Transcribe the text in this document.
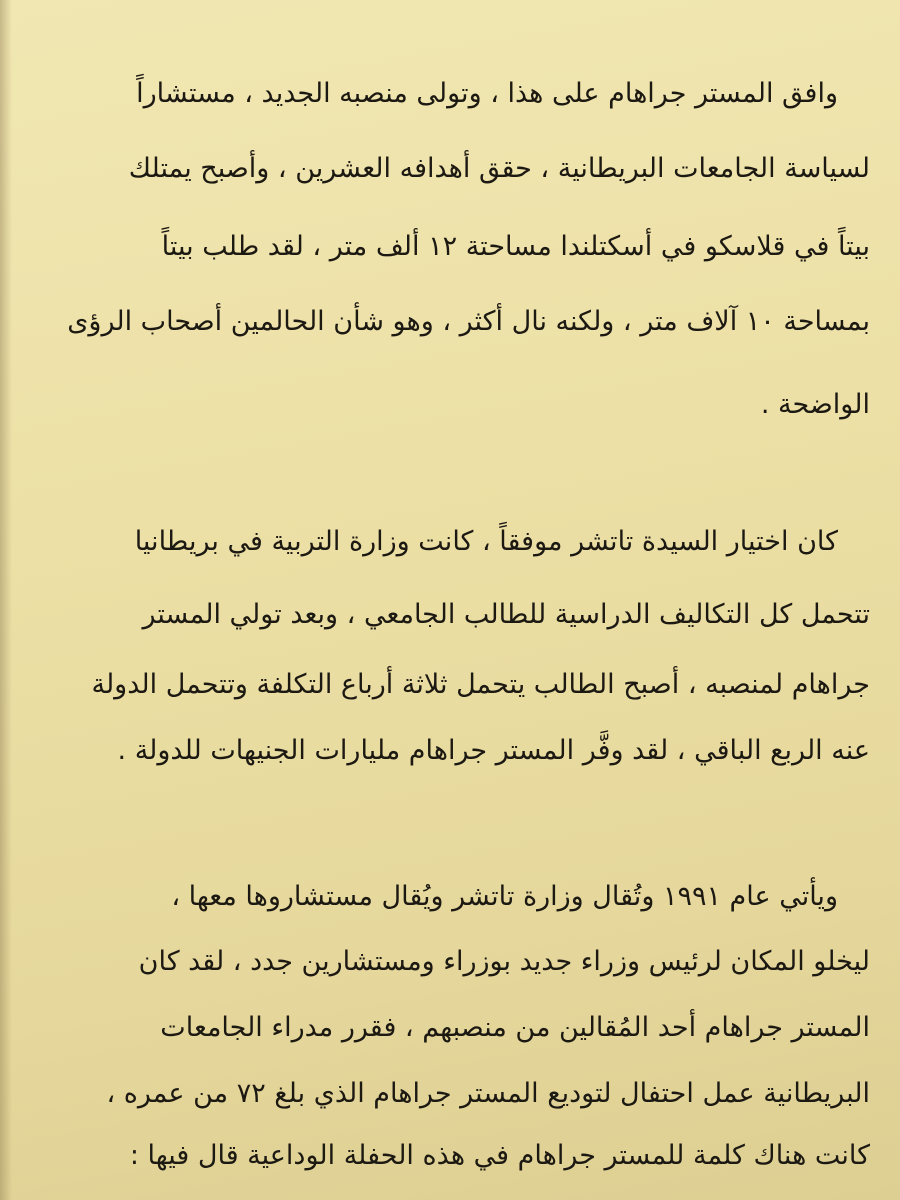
وافق المستر جراهام على هذا ، وتولى منصبه الجديد ، مستشاراً
لسياسة الجامعات البريطانية ، حقق أهدافه العشرين ، وأصبح يمتلك
بيتاً في قلاسكو في أسكتلندا مساحتة ١٢ ألف متر ، لقد طلب بيتاً
بمساحة ١٠ آلاف متر ، ولكنه نال أكثر ، وهو شأن الحالمين أصحاب الرؤى
الواضحة .
كان اختيار السيدة تاتشر موفقاً ، كانت وزارة التربية في بريطانيا
تتحمل كل التكاليف الدراسية للطالب الجامعي ، وبعد تولي المستر
جراهام لمنصبه ، أصبح الطالب يتحمل ثلاثة أرباع التكلفة وتتحمل الدولة
عنه الربع الباقي ، لقد وفَّر المستر جراهام مليارات الجنيهات للدولة .
ويأتي عام ١٩٩١ وتُقال وزارة تاتشر ويُقال مستشاروها معها ،
ليخلو المكان لرئيس وزراء جديد بوزراء ومستشارين جدد ، لقد كان
المستر جراهام أحد المُقالين من منصبهم ، فقرر مدراء الجامعات
البريطانية عمل احتفال لتوديع المستر جراهام الذي بلغ ٧٢ من عمره ،
كانت هناك كلمة للمستر جراهام في هذه الحفلة الوداعية قال فيها :
